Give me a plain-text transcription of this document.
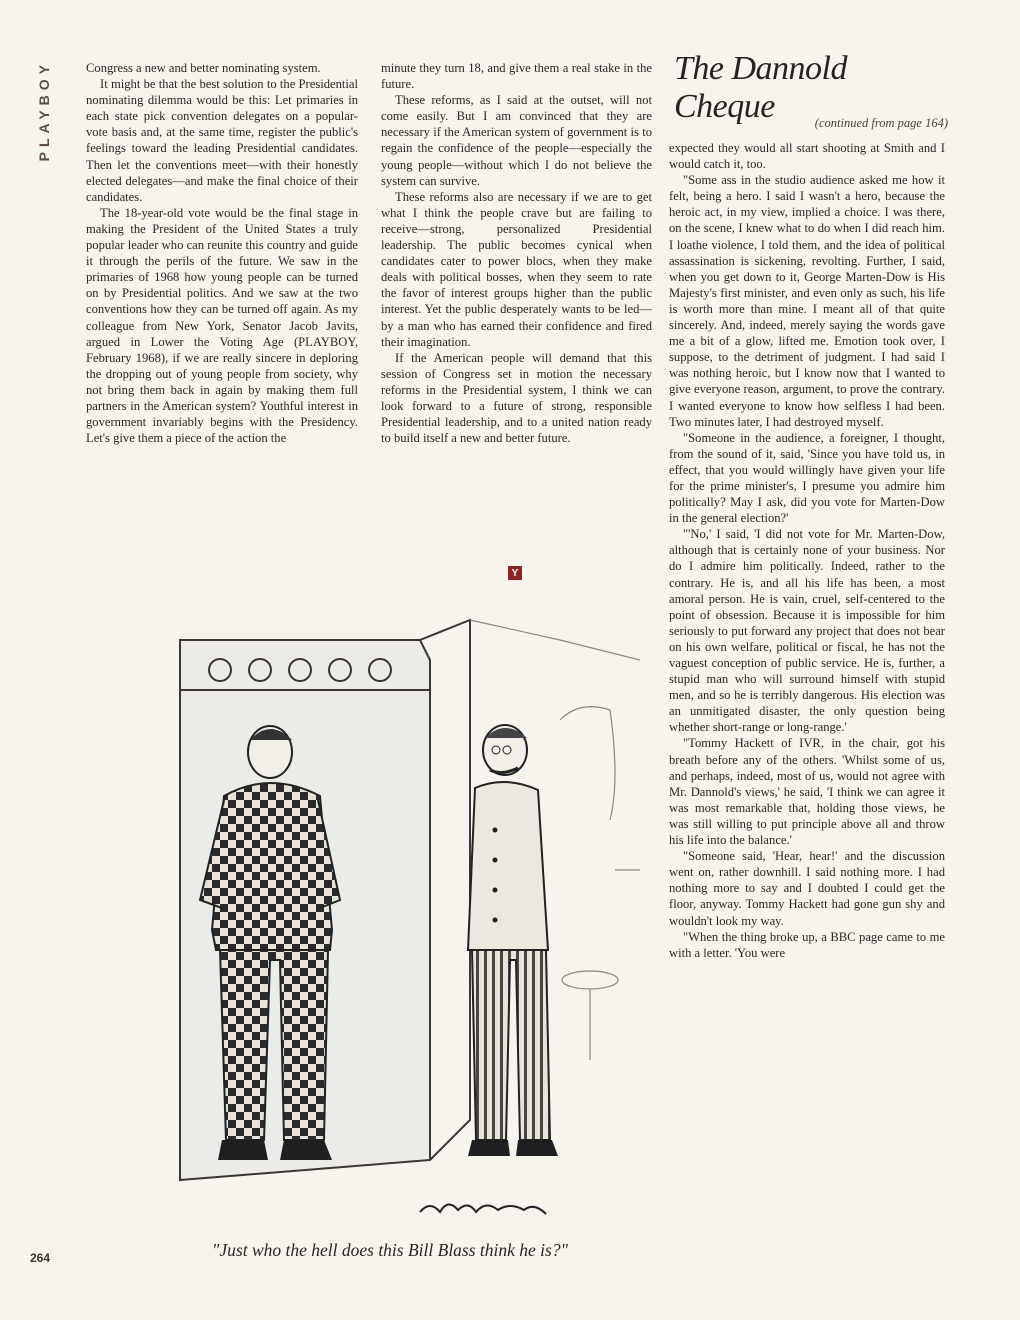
PLAYBOY	Congress a new and better nominating system.

It might be that the best solution to the Presidential nominating dilemma would be this: Let primaries in each state pick convention delegates on a popular-vote basis and, at the same time, register the public's feelings toward the leading Presidential candidates. Then let the conventions meet—with their honestly elected delegates—and make the final choice of their candidates.

The 18-year-old vote would be the final stage in making the President of the United States a truly popular leader who can reunite this country and guide it through the perils of the future. We saw in the primaries of 1968 how young people can be turned on by Presidential politics. And we saw at the two conventions how they can be turned off again. As my colleague from New York, Senator Jacob Javits, argued in Lower the Voting Age (PLAYBOY, February 1968), if we are really sincere in deploring the dropping out of young people from society, why not bring them back in again by making them full partners in the American system? Youthful interest in government invariably begins with the Presidency. Let's give them a piece of the action the

minute they turn 18, and give them a real stake in the future.

These reforms, as I said at the outset, will not come easily. But I am convinced that they are necessary if the American system of government is to regain the confidence of the people—especially the young people—without which I do not believe the system can survive.

These reforms also are necessary if we are to get what I think the people crave but are failing to receive—strong, personalized Presidential leadership. The public becomes cynical when candidates cater to power blocs, when they make deals with political bosses, when they seem to rate the favor of interest groups higher than the public interest. Yet the public desperately wants to be led—by a man who has earned their confidence and fired their imagination.

If the American people will demand that this session of Congress set in motion the necessary reforms in the Presidential system, I think we can look forward to a future of strong, responsible Presidential leadership, and to a united nation ready to build itself a new and better future.

Y
The Dannold Cheque	(continued from page 164)

expected they would all start shooting at Smith and I would catch it, too.

"Some ass in the studio audience asked me how it felt, being a hero. I said I wasn't a hero, because the heroic act, in my view, implied a choice. I was there, on the scene, I knew what to do when I did reach him. I loathe violence, I told them, and the idea of political assassination is sickening, revolting. Further, I said, when you get down to it, George Marten-Dow is His Majesty's first minister, and even only as such, his life is worth more than mine. I meant all of that quite sincerely. And, indeed, merely saying the words gave me a bit of a glow, lifted me. Emotion took over, I suppose, to the detriment of judgment. I had said I was nothing heroic, but I know now that I wanted to give everyone reason, argument, to prove the contrary. I wanted everyone to know how selfless I had been. Two minutes later, I had destroyed myself.

"Someone in the audience, a foreigner, I thought, from the sound of it, said, 'Since you have told us, in effect, that you would willingly have given your life for the prime minister's, I presume you admire him politically? May I ask, did you vote for Marten-Dow in the general election?'

"'No,' I said, 'I did not vote for Mr. Marten-Dow, although that is certainly none of your business. Nor do I admire him politically. Indeed, rather to the contrary. He is, and all his life has been, a most amoral person. He is vain, cruel, self-centered to the point of obsession. Because it is impossible for him seriously to put forward any project that does not bear on his own welfare, political or fiscal, he has not the vaguest conception of public service. He is, further, a stupid man who will surround himself with stupid men, and so he is terribly dangerous. His election was an unmitigated disaster, the only question being whether short-range or long-range.'

"Tommy Hackett of IVR, in the chair, got his breath before any of the others. 'Whilst some of us, and perhaps, indeed, most of us, would not agree with Mr. Dannold's views,' he said, 'I think we can agree it was most remarkable that, holding those views, he was still willing to put principle above all and throw his life into the balance.'

"Someone said, 'Hear, hear!' and the discussion went on, rather downhill. I said nothing more. I had nothing more to say and I doubted I could get the floor, anyway. Tommy Hackett had gone gun shy and wouldn't look my way.

"When the thing broke up, a BBC page came to me with a letter. 'You were

"Just who the hell does this Bill Blass think he is?"
264
